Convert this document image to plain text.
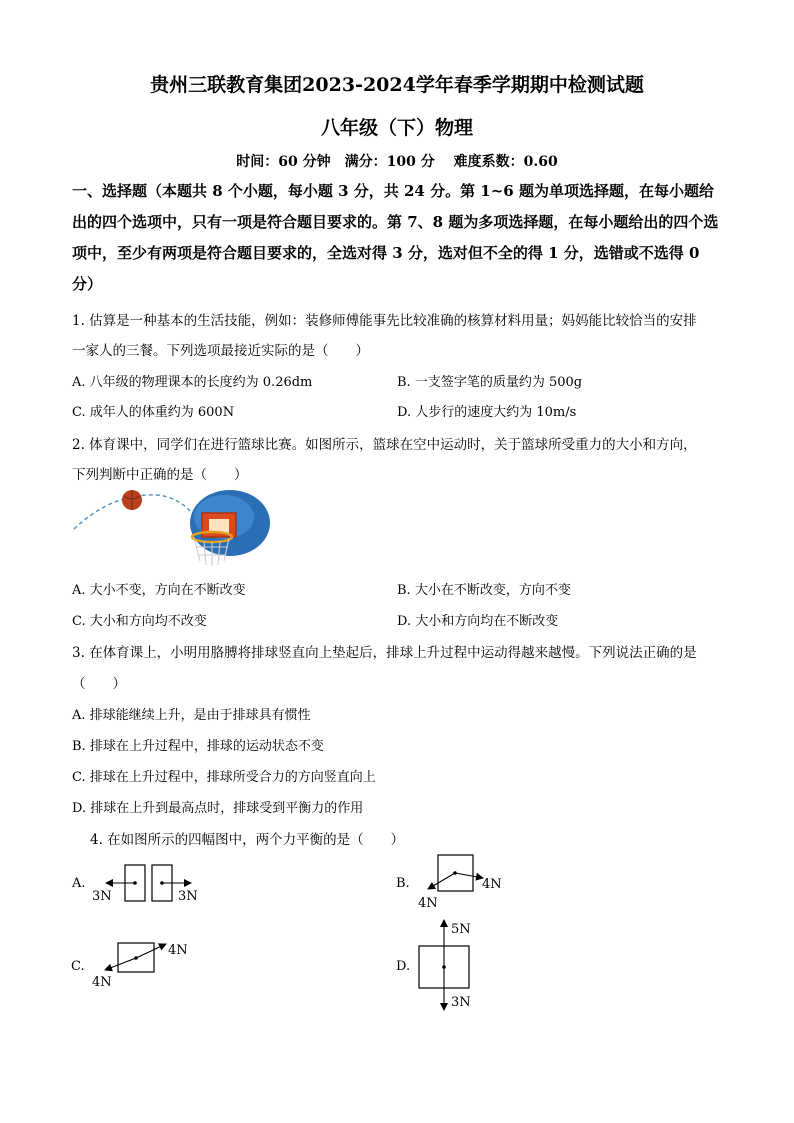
贵州三联教育集团2023-2024学年春季学期期中检测试题
八年级（下）物理
时间：60 分钟　满分：100 分　 难度系数：0.60
一、选择题（本题共 8 个小题，每小题 3 分，共 24 分。第 1~6 题为单项选择题，在每小题给出的四个选项中，只有一项是符合题目要求的。第 7、8 题为多项选择题，在每小题给出的四个选项中，至少有两项是符合题目要求的，全选对得 3 分，选对但不全的得 1 分，选错或不选得 0 分）
1. 估算是一种基本的生活技能，例如：装修师傅能事先比较准确的核算材料用量；妈妈能比较恰当的安排
一家人的三餐。下列选项最接近实际的是（　　）
A. 八年级的物理课本的长度约为 0.26dm	B. 一支签字笔的质量约为 500g
C. 成年人的体重约为 600N	D. 人步行的速度大约为 10m/s
2. 体育课中，同学们在进行篮球比赛。如图所示，篮球在空中运动时，关于篮球所受重力的大小和方向，
下列判断中正确的是（　　）
A. 大小不变，方向在不断改变	B. 大小在不断改变，方向不变
C. 大小和方向均不改变	D. 大小和方向均在不断改变
3. 在体育课上，小明用胳膊将排球竖直向上垫起后，排球上升过程中运动得越来越慢。下列说法正确的是
（　　）
A. 排球能继续上升，是由于排球具有惯性
B. 排球在上升过程中，排球的运动状态不变
C. 排球在上升过程中，排球所受合力的方向竖直向上
D. 排球在上升到最高点时，排球受到平衡力的作用
4. 在如图所示的四幅图中，两个力平衡的是（　　）
A.
3N	3N
B.	4N
4N
C.
4N
4N
D.
5N
3N
